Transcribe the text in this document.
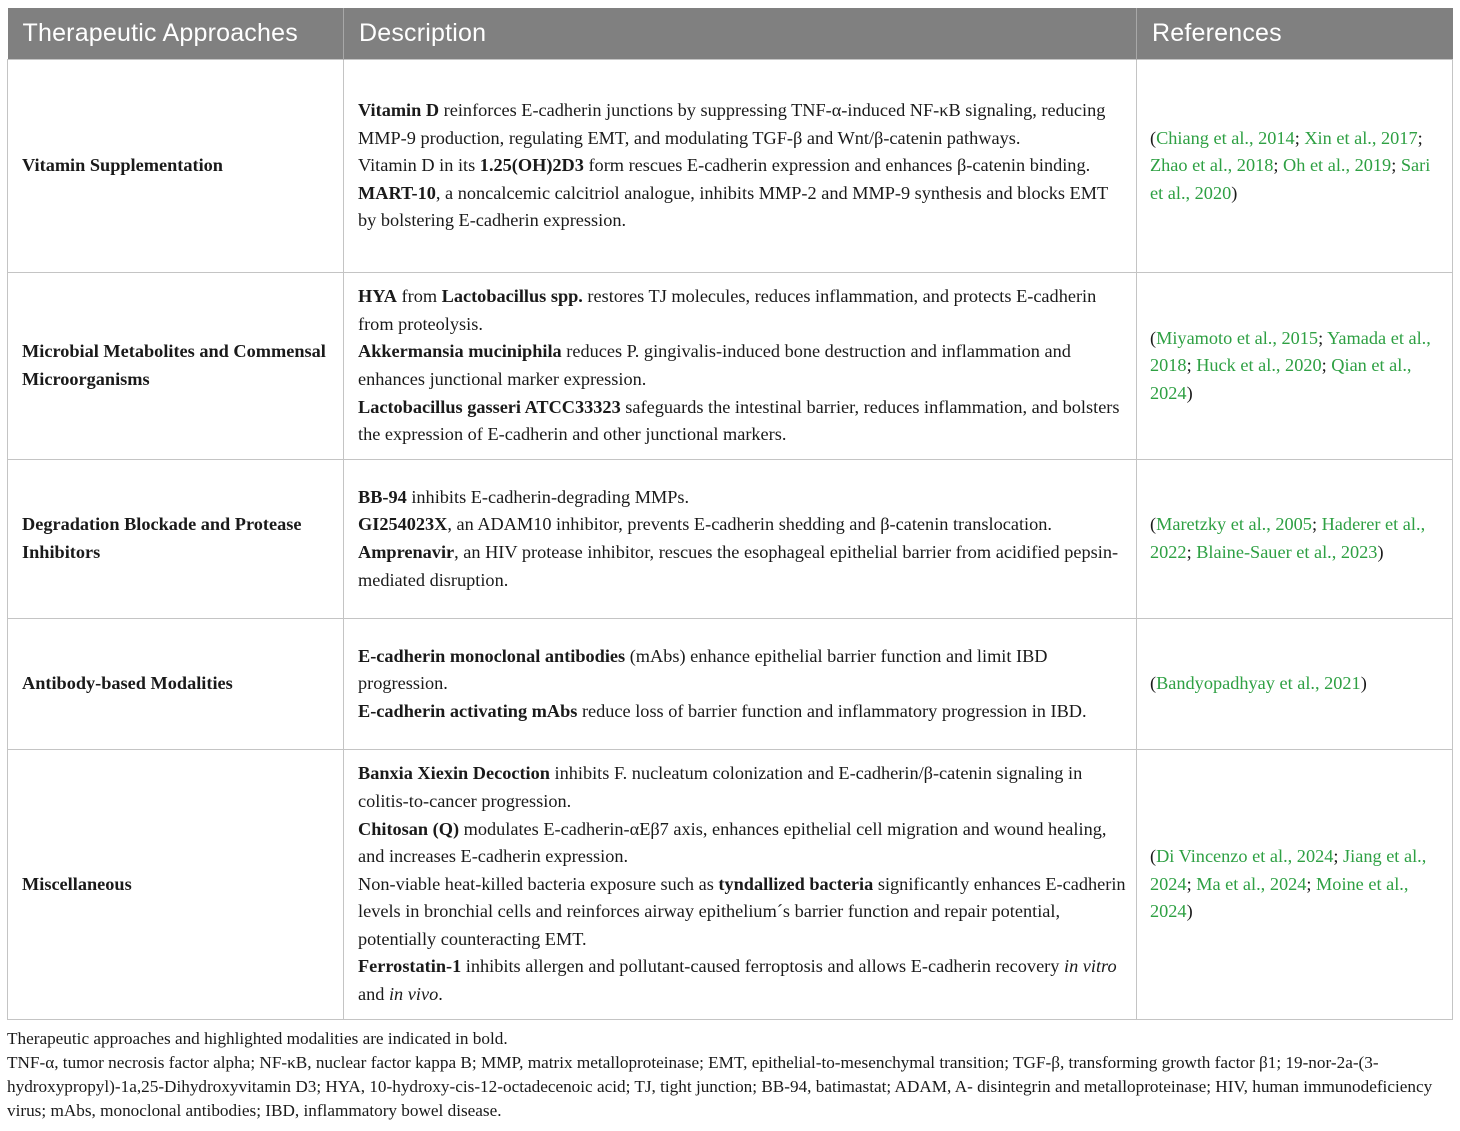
Therapeutic Approaches	Description	References
Vitamin Supplementation	Vitamin D reinforces E-cadherin junctions by suppressing TNF-α-induced NF-κB signaling, reducing MMP-9 production, regulating EMT, and modulating TGF-β and Wnt/β-catenin pathways.
Vitamin D in its 1.25(OH)2D3 form rescues E-cadherin expression and enhances β-catenin binding.
MART-10, a noncalcemic calcitriol analogue, inhibits MMP-2 and MMP-9 synthesis and blocks EMT by bolstering E-cadherin expression.	(Chiang et al., 2014; Xin et al., 2017; Zhao et al., 2018; Oh et al., 2019; Sari et al., 2020)
Microbial Metabolites and Commensal Microorganisms	HYA from Lactobacillus spp. restores TJ molecules, reduces inflammation, and protects E-cadherin from proteolysis.
Akkermansia muciniphila reduces P. gingivalis-induced bone destruction and inflammation and enhances junctional marker expression.
Lactobacillus gasseri ATCC33323 safeguards the intestinal barrier, reduces inflammation, and bolsters the expression of E-cadherin and other junctional markers.	(Miyamoto et al., 2015; Yamada et al., 2018; Huck et al., 2020; Qian et al., 2024)
Degradation Blockade and Protease Inhibitors	BB-94 inhibits E-cadherin-degrading MMPs.
GI254023X, an ADAM10 inhibitor, prevents E-cadherin shedding and β-catenin translocation.
Amprenavir, an HIV protease inhibitor, rescues the esophageal epithelial barrier from acidified pepsin-mediated disruption.	(Maretzky et al., 2005; Haderer et al., 2022; Blaine-Sauer et al., 2023)
Antibody-based Modalities	E-cadherin monoclonal antibodies (mAbs) enhance epithelial barrier function and limit IBD progression.
E-cadherin activating mAbs reduce loss of barrier function and inflammatory progression in IBD.	(Bandyopadhyay et al., 2021)
Miscellaneous	Banxia Xiexin Decoction inhibits F. nucleatum colonization and E-cadherin/β-catenin signaling in colitis-to-cancer progression.
Chitosan (Q) modulates E-cadherin-αEβ7 axis, enhances epithelial cell migration and wound healing, and increases E-cadherin expression.
Non-viable heat-killed bacteria exposure such as tyndallized bacteria significantly enhances E-cadherin levels in bronchial cells and reinforces airway epithelium´s barrier function and repair potential, potentially counteracting EMT.
Ferrostatin-1 inhibits allergen and pollutant-caused ferroptosis and allows E-cadherin recovery in vitro and in vivo.	(Di Vincenzo et al., 2024; Jiang et al., 2024; Ma et al., 2024; Moine et al., 2024)

Therapeutic approaches and highlighted modalities are indicated in bold.

TNF-α, tumor necrosis factor alpha; NF-κB, nuclear factor kappa B; MMP, matrix metalloproteinase; EMT, epithelial-to-mesenchymal transition; TGF-β, transforming growth factor β1; 19-nor-2a-(3-hydroxypropyl)-1a,25-Dihydroxyvitamin D3; HYA, 10-hydroxy-cis-12-octadecenoic acid; TJ, tight junction; BB-94, batimastat; ADAM, A- disintegrin and metalloproteinase; HIV, human immunodeficiency virus; mAbs, monoclonal antibodies; IBD, inflammatory bowel disease.
